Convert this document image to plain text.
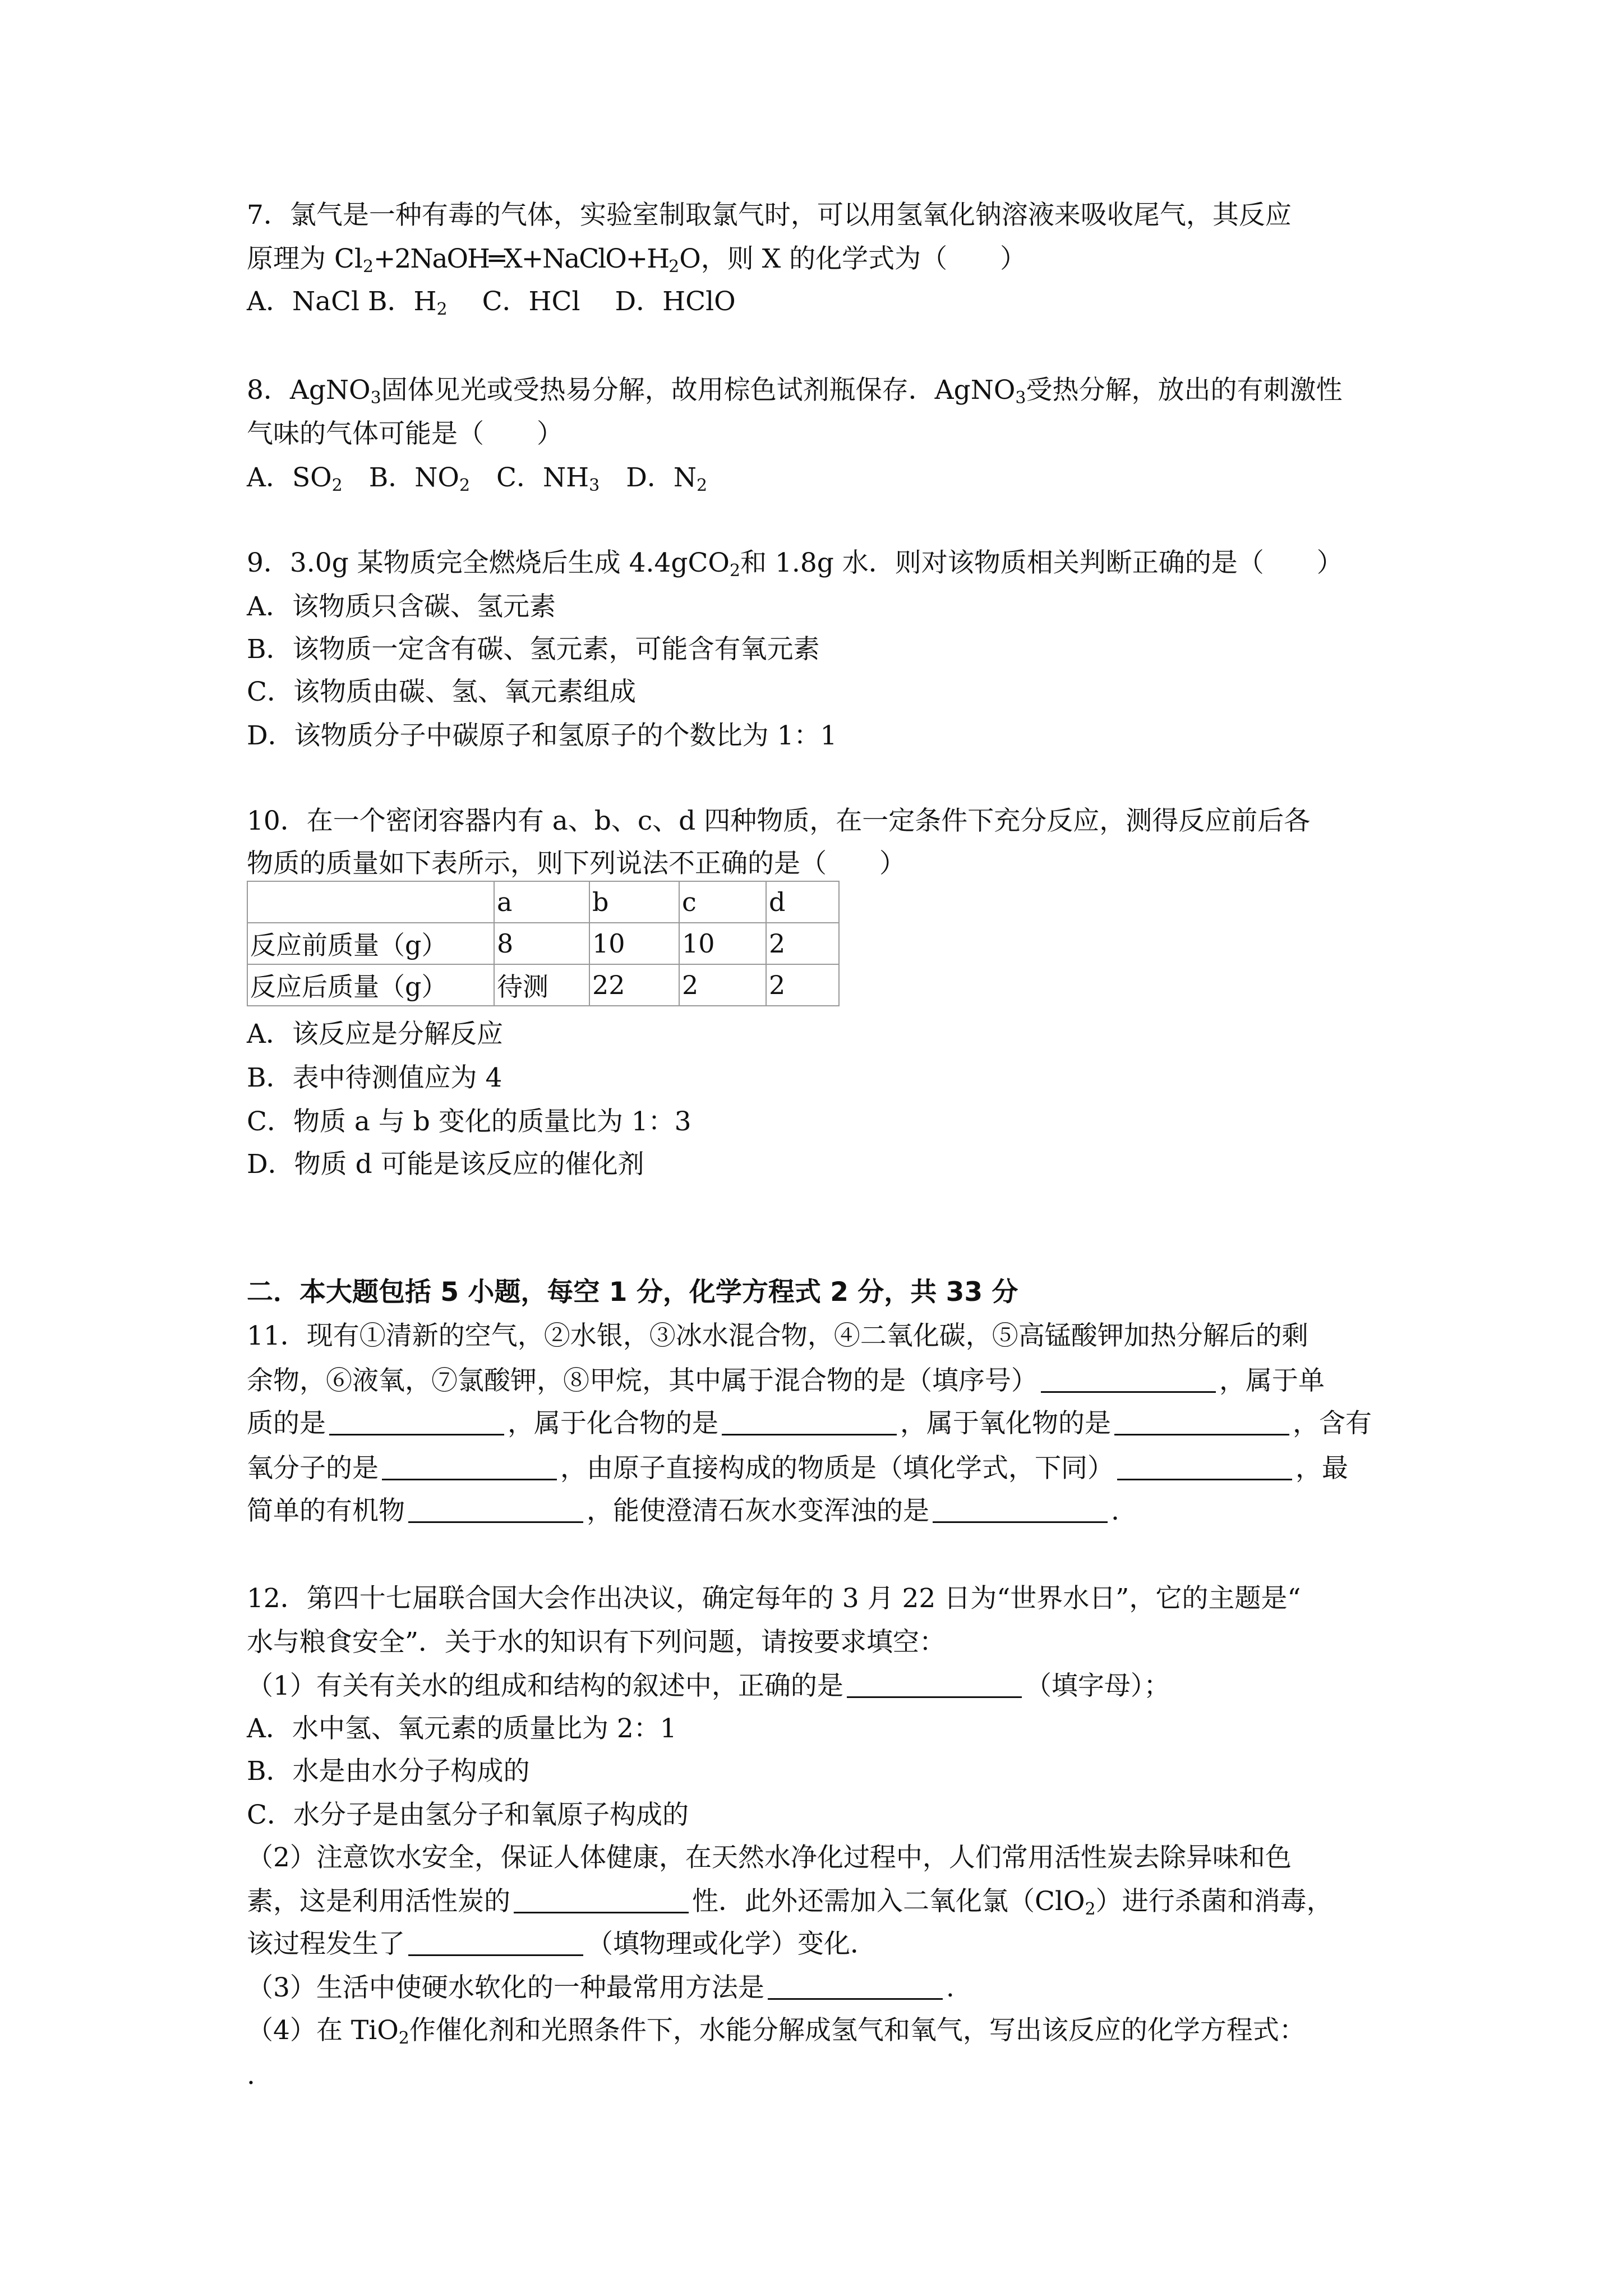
7．氯气是一种有毒的气体，实验室制取氯气时，可以用氢氧化钠溶液来吸收尾气，其反应
原理为 $Cl_2+2NaOH═X+NaClO+H_2O$，则 X 的化学式为（　　）
A．NaCl B．$H_2$　 C．HCl　 D．HClO
8．AgNO$_3$固体见光或受热易分解，故用棕色试剂瓶保存．AgNO$_3$受热分解，放出的有刺激性
气味的气体可能是（　　）
A．$SO_2$　B．$NO_2$　C．$NH_3$　D．$N_2$
9．3.0g 某物质完全燃烧后生成 4.4gCO$_2$和 1.8g 水．则对该物质相关判断正确的是（　　）
A．该物质只含碳、氢元素
B．该物质一定含有碳、氢元素，可能含有氧元素
C．该物质由碳、氢、氧元素组成
D．该物质分子中碳原子和氢原子的个数比为 1：1
10．在一个密闭容器内有 a、b、c、d 四种物质，在一定条件下充分反应，测得反应前后各
物质的质量如下表所示，则下列说法不正确的是（　　）
	a	b	c	d
反应前质量（g）	8	10	10	2
反应后质量（g）	待测	22	2	2
A．该反应是分解反应
B．表中待测值应为 4
C．物质 a 与 b 变化的质量比为 1：3
D．物质 d 可能是该反应的催化剂
二．本大题包括 5 小题，每空 1 分，化学方程式 2 分，共 33 分
11．现有①清新的空气，②水银，③冰水混合物，④二氧化碳，⑤高锰酸钾加热分解后的剩
余物，⑥液氧，⑦氯酸钾，⑧甲烷，其中属于混合物的是（填序号）	，属于单
质的是	，属于化合物的是	，属于氧化物的是	，含有
氧分子的是	，由原子直接构成的物质是（填化学式，下同）	，最
简单的有机物	，能使澄清石灰水变浑浊的是	.
12．第四十七届联合国大会作出决议，确定每年的 3 月 22 日为“世界水日”，它的主题是“
水与粮食安全”．关于水的知识有下列问题，请按要求填空：
（1）有关有关水的组成和结构的叙述中，正确的是	（填字母）；
A．水中氢、氧元素的质量比为 2：1
B．水是由水分子构成的
C．水分子是由氢分子和氧原子构成的
（2）注意饮水安全，保证人体健康，在天然水净化过程中，人们常用活性炭去除异味和色
素，这是利用活性炭的	性．此外还需加入二氧化氯（ClO$_2$）进行杀菌和消毒，
该过程发生了	（填物理或化学）变化．
（3）生活中使硬水软化的一种最常用方法是	.
（4）在 TiO$_2$作催化剂和光照条件下，水能分解成氢气和氧气，写出该反应的化学方程式：
.
